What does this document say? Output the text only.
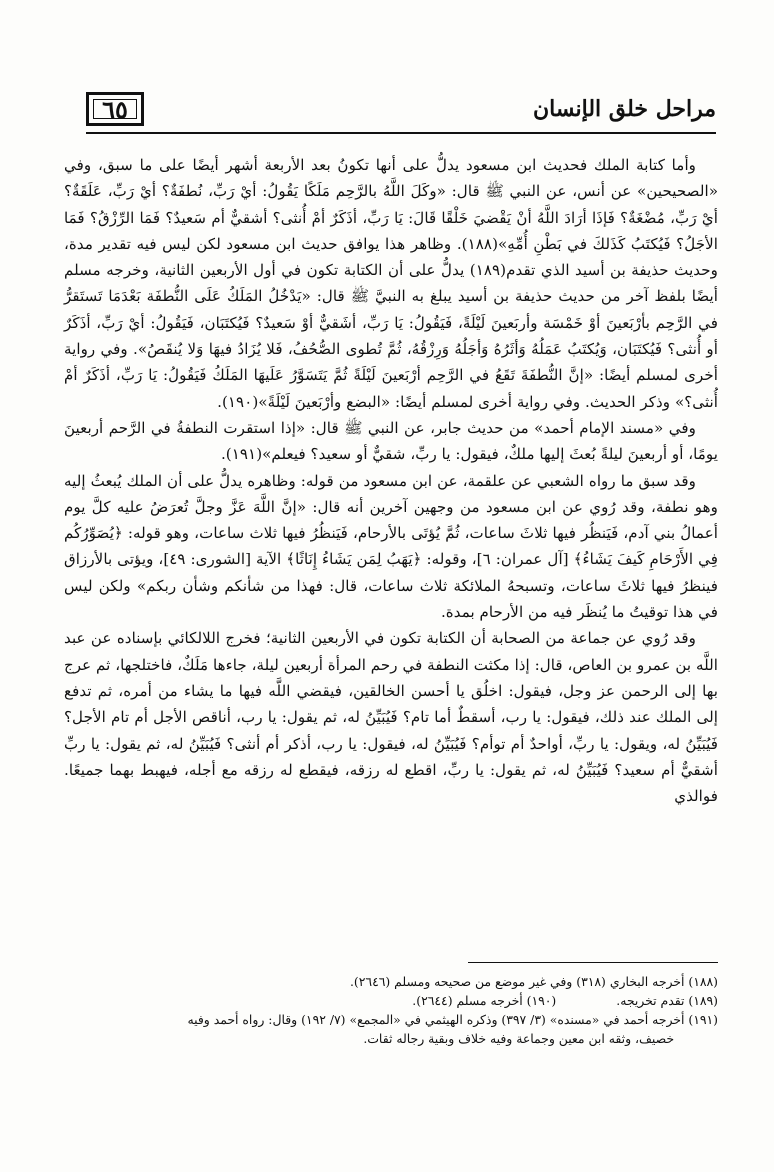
٦٥	مراحل خلق الإنسان

وأما كتابة الملك فحديث ابن مسعود يدلُّ على أنها تكونُ بعد الأربعة أشهر أيضًا على ما سبق، وفي «الصحيحين» عن أنس، عن النبي ﷺ قال: «وكَلَ اللَّهُ بالرَّحِم مَلَكًا يَقُولُ: أيْ رَبِّ، نُطفَةٌ؟ أيْ رَبِّ، عَلَقَةٌ؟ أيْ رَبِّ، مُضْغَةٌ؟ فَإذَا أرَادَ اللَّهُ أنْ يَقْضيَ خَلْقًا قَالَ: يَا رَبِّ، أذَكَرٌ أمْ أُنثى؟ أشقيٌّ أم سَعيدٌ؟ فَمَا الرِّزْقُ؟ فَمَا الأجَلُ؟ فَيُكتَبُ كَذَلكَ في بَطْنِ أُمِّهِ»(١٨٨). وظاهر هذا يوافق حديث ابن مسعود لكن ليس فيه تقدير مدة، وحديث حذيفة بن أسيد الذي تقدم(١٨٩) يدلُّ على أن الكتابة تكون في أول الأربعين الثانية، وخرجه مسلم أيضًا بلفظ آخر من حديث حذيفة بن أسيد يبلغ به النبيَّ ﷺ قال: «يَدْخُلُ المَلَكُ عَلَى النُّطفَة بَعْدَمَا تَستَقرُّ في الرَّحِم بأرْبَعينَ أوْ خَمْسَة وأربَعينَ لَيْلَةً، فَيَقُولُ: يَا رَبِّ، أشَقيٌّ أوْ سَعيدٌ؟ فَيُكتَبَان، فَيَقُولُ: أيْ رَبِّ، أذَكَرٌ أو أُنثى؟ فَيُكتَبَان، وَيُكتَبُ عَمَلُهُ وَأثَرُهُ وَأجَلُهُ وَرِزْقُهُ، ثُمَّ تُطوى الصُّحُفُ، فَلا يُزَادُ فيهَا وَلا يُنقَصُ». وفي رواية أخرى لمسلم أيضًا: «إنَّ النُّطفَةَ تَقَعُ في الرَّحِم أرْبَعينَ لَيْلَةً ثُمَّ يَتَسَوَّرُ عَلَيهَا المَلَكُ فَيَقُولُ: يَا رَبِّ، أذَكَرٌ أمْ أُنثى؟» وذكر الحديث. وفي رواية أخرى لمسلم أيضًا: «البضع وأرْبَعينَ لَيْلَةً»(١٩٠).

وفي «مسند الإمام أحمد» من حديث جابر، عن النبي ﷺ قال: «إذا استقرت النطفةُ في الرَّحم أربعينَ يومًا، أو أربعينَ ليلةً بُعثَ إليها ملكٌ، فيقول: يا ربِّ، شقيٌّ أو سعيد؟ فيعلم»(١٩١).

وقد سبق ما رواه الشعبي عن علقمة، عن ابن مسعود من قوله: وظاهره يدلُّ على أن الملك يُبعثُ إليه وهو نطفة، وقد رُوي عن ابن مسعود من وجهين آخرين أنه قال: «إنَّ اللَّهَ عَزَّ وجلَّ تُعرَضُ عليه كلَّ يوم أعمالُ بني آدم، فَيَنظُر فيها ثلاثَ ساعات، ثُمَّ يُؤتَى بالأرحام، فَيَنظُرُ فيها ثلاث ساعات، وهو قوله: ﴿يُصَوِّرُكُم فِي الأَرْحَامِ كَيفَ يَشَاءُ﴾ [آل عمران: ٦]، وقوله: ﴿يَهَبُ لِمَن يَشَاءُ إِنَاثًا﴾ الآية [الشورى: ٤٩]، ويؤتى بالأرزاق فينظرُ فيها ثلاثَ ساعات، وتسبحهُ الملائكة ثلاث ساعات، قال: فهذا من شأنكم وشأن ربكم» ولكن ليس في هذا توقيتُ ما يُنظَر فيه من الأرحام بمدة.

وقد رُوي عن جماعة من الصحابة أن الكتابة تكون في الأربعين الثانية؛ فخرج اللالكائي بإسناده عن عبد اللَّه بن عمرو بن العاص، قال: إذا مكثت النطفة في رحم المرأة أربعين ليلة، جاءها مَلَكٌ، فاختلجها، ثم عرج بها إلى الرحمن عز وجل، فيقول: اخلُق يا أحسن الخالقين، فيقضي اللَّه فيها ما يشاء من أمره، ثم تدفع إلى الملك عند ذلك، فيقول: يا رب، أسقطٌ أما تام؟ فَيُبَيِّنُ له، ثم يقول: يا رب، أناقص الأجل أم تام الأجل؟ فَيُبَيِّنُ له، ويقول: يا ربِّ، أواحدٌ أم توأم؟ فَيُبَيِّنُ له، فيقول: يا رب، أذكر أم أنثى؟ فَيُبَيِّنُ له، ثم يقول: يا ربِّ أشقيٌّ أم سعيد؟ فَيُبَيِّنُ له، ثم يقول: يا ربِّ، اقطع له رزقه، فيقطع له رزقه مع أجله، فيهبط بهما جميعًا. فوالذي

(١٨٨) أخرجه البخاري (٣١٨) وفي غير موضع من صحيحه ومسلم (٢٦٤٦).

(١٨٩) تقدم تخريجه.
(١٩٠) أخرجه مسلم (٢٦٤٤).

(١٩١) أخرجه أحمد في «مسنده» (٣/ ٣٩٧) وذكره الهيثمي في «المجمع» (٧/ ١٩٢) وقال: رواه أحمد وفيه

خصيف، وثقه ابن معين وجماعة وفيه خلاف وبقية رجاله ثقات.
